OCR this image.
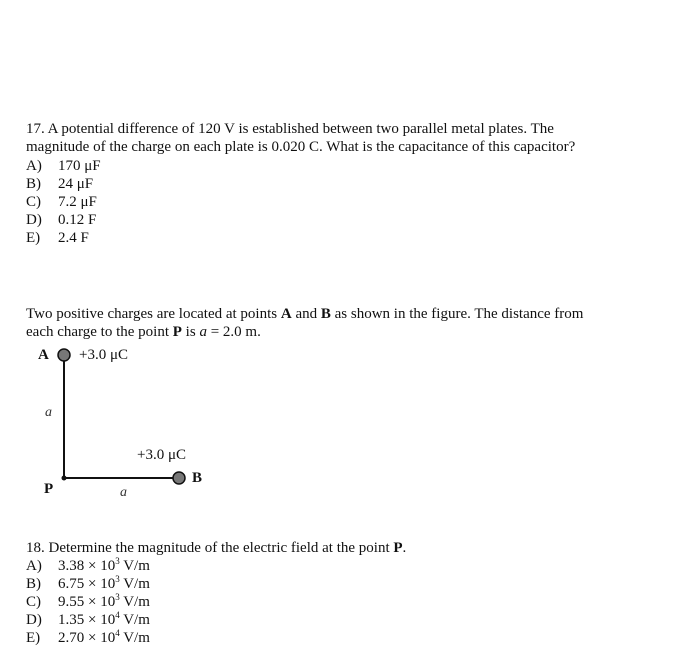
17. A potential difference of 120 V is established between two parallel metal plates. The
magnitude of the charge on each plate is 0.020 C. What is the capacitance of this capacitor?
A) 170 μF
B) 24 μF
C) 7.2 μF
D) 0.12 F
E) 2.4 F
Two positive charges are located at points A and B as shown in the figure. The distance from
each charge to the point P is a = 2.0 m.
A +3.0 μC
a
+3.0 μC
B
P	a
18. Determine the magnitude of the electric field at the point P.
A) $3.38 \times 10^3$ V/m
B) $6.75 \times 10^3$ V/m
C) $9.55 \times 10^3$ V/m
D) $1.35 \times 10^4$ V/m
E) $2.70 \times 10^4$ V/m
